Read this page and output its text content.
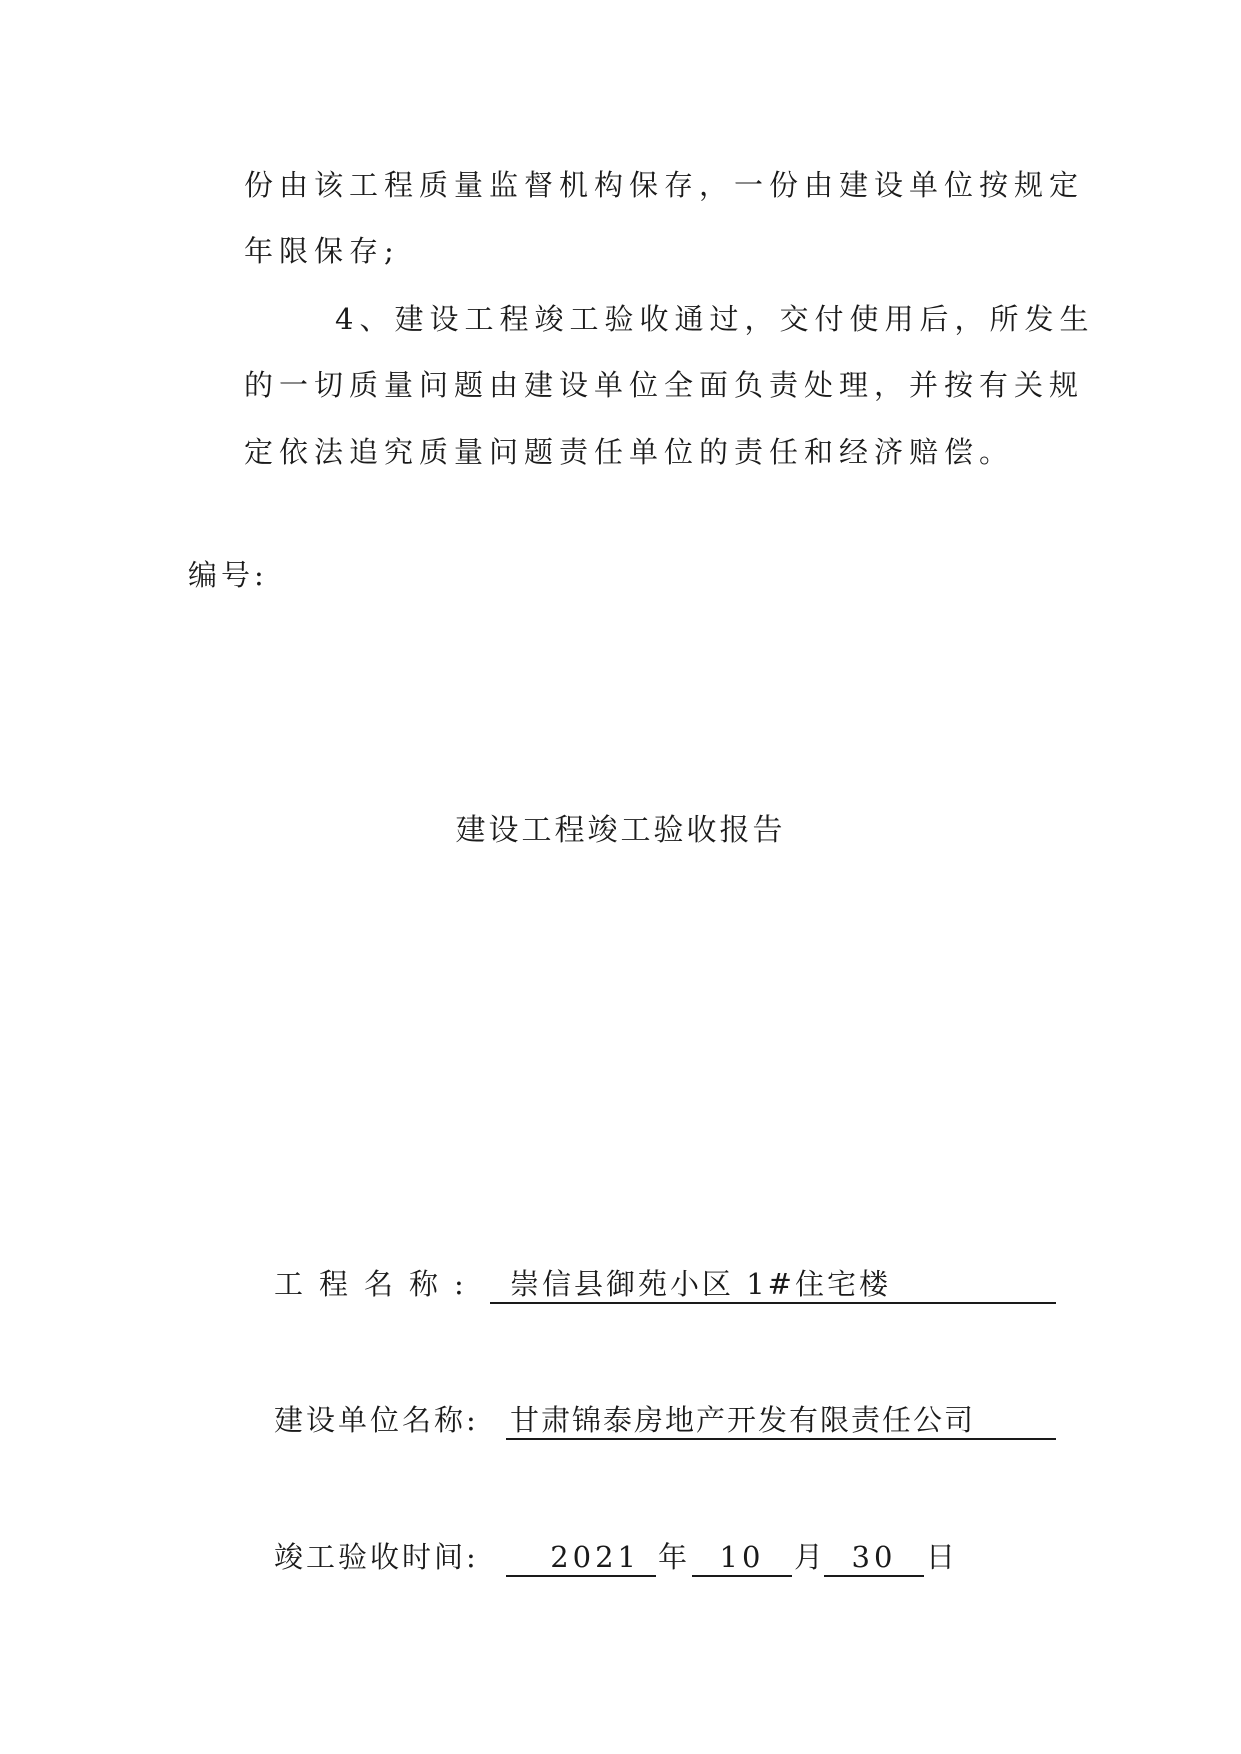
份由该工程质量监督机构保存，一份由建设单位按规定
年限保存;
4、建设工程竣工验收通过，交付使用后，所发生
的一切质量问题由建设单位全面负责处理，并按有关规
定依法追究质量问题责任单位的责任和经济赔偿。
编号:
建设工程竣工验收报告
工程名称:	崇信县御苑小区 1#住宅楼
建设单位名称: 甘肃锦泰房地产开发有限责任公司
竣工验收时间:	2021 年	10	月 30	日
